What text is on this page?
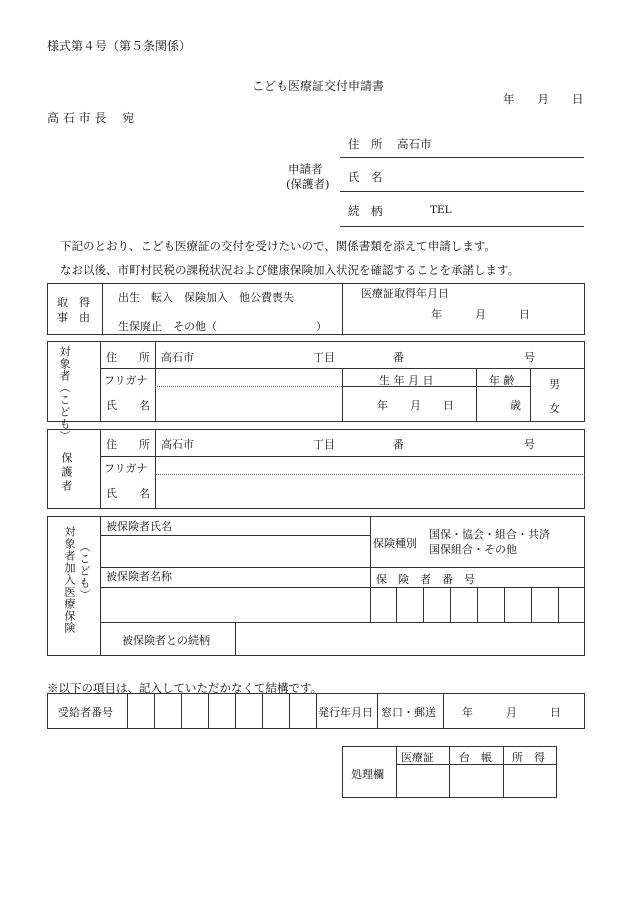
様式第４号（第５条関係）
こども医療証交付申請書
年　　月　　日
高 石 市 長　 宛
申請者
(保護者)
住　所 高石市
氏　名
続　柄	TEL
下記のとおり、こども医療証の交付を受けたいので、関係書類を添えて申請します。
なお以後、市町村民税の課税状況および健康保険加入状況を確認することを承諾します。
取　得
事　由
出生　転入　保険加入　他公費喪失
生保廃止　その他（　　　　　　　　　）
医療証取得年月日
年　　　月　　　日
対象者（こども）	住　　所 高石市	丁目	番	号
フリガナ
氏　　名
生 年 月 日
年　　月　　日
年 齢
歳
男
女
保護者
住　　所 高石市	丁目	番	号
フリガナ
氏　　名
対象者加入医療保険 （こども）
被保険者氏名
保険種別
国保・協会・組合・共済
国保組合・その他
被保険者名称	保　険　者　番　号
被保険者との続柄
※以下の項目は、記入していただかなくて結構です。
受給者番号	発行年月日 窓口・郵送 年　　　月　　　日
処理欄
医療証 台　帳 所　得
